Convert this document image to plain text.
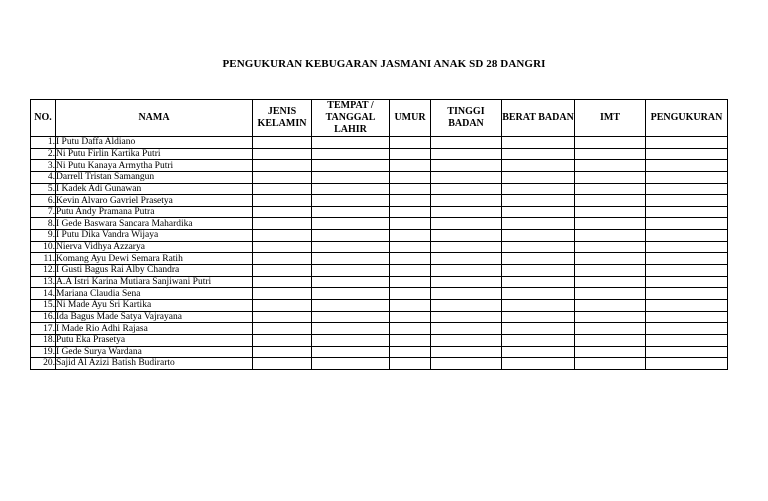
PENGUKURAN KEBUGARAN JASMANI ANAK SD 28 DANGRI
NO.	NAMA	JENIS KELAMIN	TEMPAT / TANGGAL LAHIR	UMUR	TINGGI BADAN	BERAT BADAN	IMT	PENGUKURAN
1.	I Putu Daffa Aldiano							
2.	Ni Putu Firlin Kartika Putri							
3.	Ni Putu Kanaya Armytha Putri							
4.	Darrell Tristan Samangun							
5.	I Kadek Adi Gunawan							
6.	Kevin Alvaro Gavriel Prasetya							
7.	Putu Andy Pramana Putra							
8.	I Gede Baswara Sancara Mahardika							
9.	I Putu Dika Vandra Wijaya							
10.	Nierva Vidhya Azzarya							
11.	Komang Ayu Dewi Semara Ratih							
12.	I Gusti Bagus Rai Alby Chandra							
13.	A.A Istri Karina Mutiara Sanjiwani Putri							
14.	Mariana Claudia Sena							
15.	Ni Made Ayu Sri Kartika							
16.	Ida Bagus Made Satya Vajrayana							
17.	I Made Rio Adhi Rajasa							
18.	Putu Eka Prasetya							
19.	I Gede Surya Wardana							
20.	Sajid Al Azizi Batish Budirarto							
